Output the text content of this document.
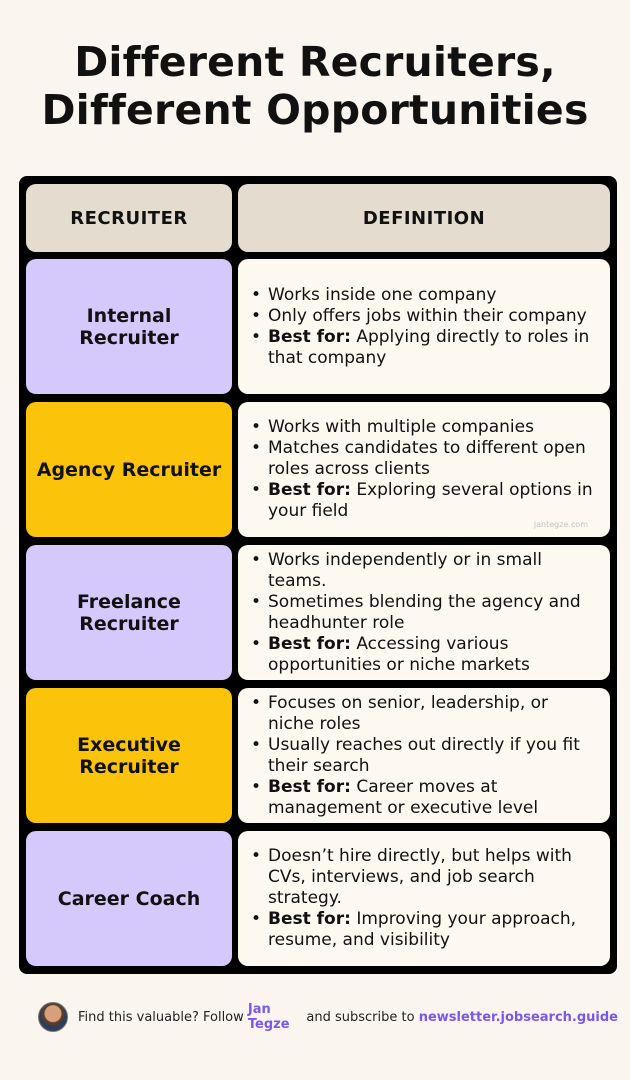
Different Recruiters,
Different Opportunities
RECRUITER	DEFINITION
Internal Recruiter
• Works inside one company
• Only offers jobs within their company
• Best for: Applying directly to roles in that company
Agency Recruiter
• Works with multiple companies
• Matches candidates to different open roles across clients
• Best for: Exploring several options in your field
jantegze.com
Freelance Recruiter
• Works independently or in small teams.
• Sometimes blending the agency and headhunter role
• Best for: Accessing various opportunities or niche markets
Executive Recruiter
• Focuses on senior, leadership, or niche roles
• Usually reaches out directly if you fit their search
• Best for: Career moves at management or executive level
Career Coach
• Doesn’t hire directly, but helps with CVs, interviews, and job search strategy.
• Best for: Improving your approach, resume, and visibility
Find this valuable? Follow Jan Tegze and subscribe to newsletter.jobsearch.guide
